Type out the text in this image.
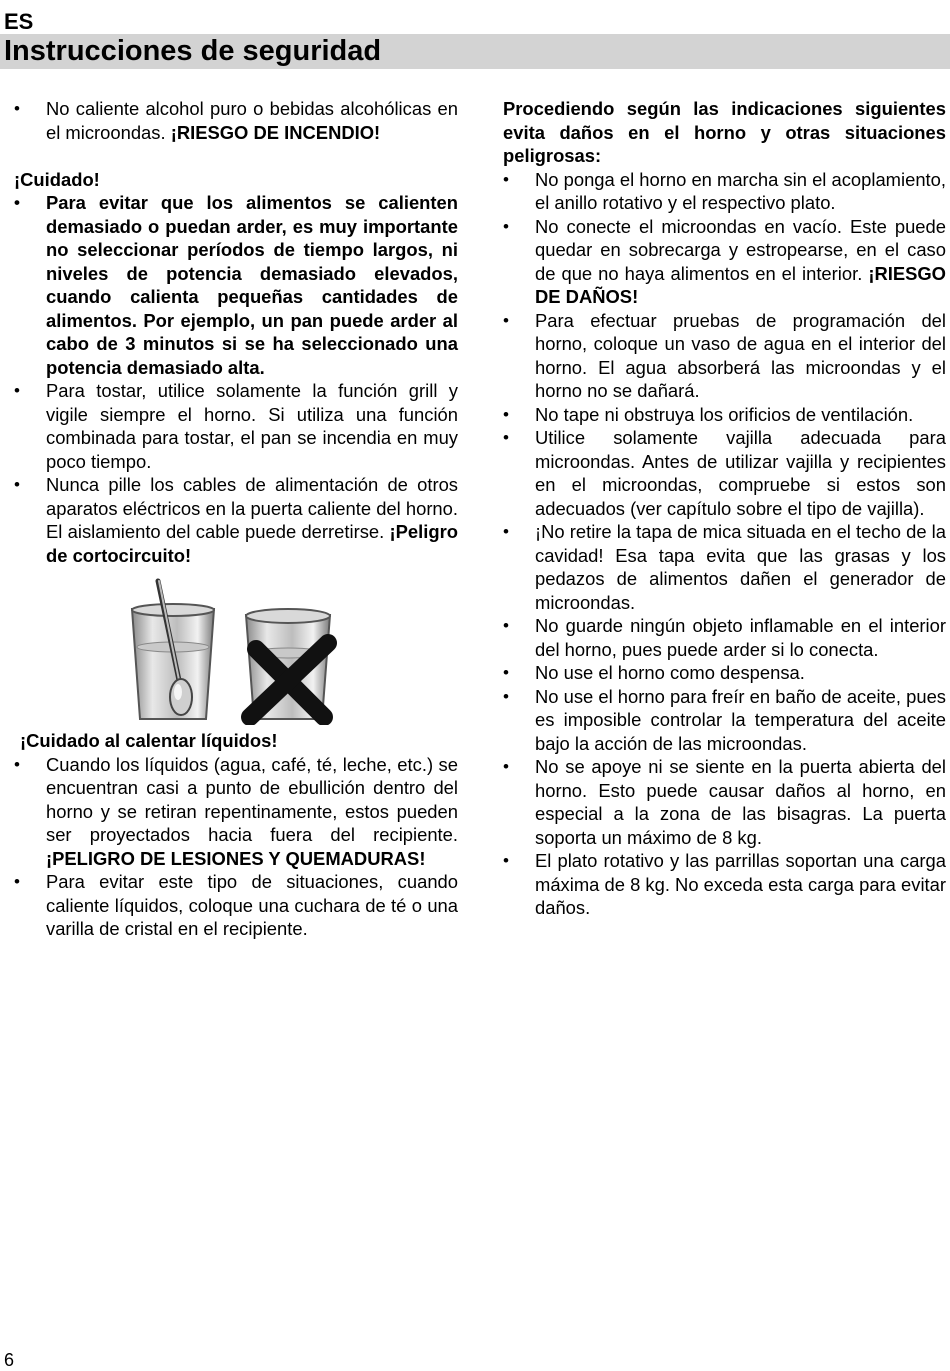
ES
Instrucciones de seguridad
• No caliente alcohol puro o bebidas alcohólicas en el microondas. ¡RIESGO DE INCENDIO!
¡Cuidado!
• Para evitar que los alimentos se calienten demasiado o puedan arder, es muy importante no seleccionar períodos de tiempo largos, ni niveles de potencia demasiado elevados, cuando calienta pequeñas cantidades de alimentos. Por ejemplo, un pan puede arder al cabo de 3 minutos si se ha seleccionado una potencia demasiado alta.
• Para tostar, utilice solamente la función grill y vigile siempre el horno. Si utiliza una función combinada para tostar, el pan se incendia en muy poco tiempo.
• Nunca pille los cables de alimentación de otros aparatos eléctricos en la puerta caliente del horno. El aislamiento del cable puede derretirse. ¡Peligro de cortocircuito!
¡Cuidado al calentar líquidos!
• Cuando los líquidos (agua, café, té, leche, etc.) se encuentran casi a punto de ebullición dentro del horno y se retiran repentinamente, estos pueden ser proyectados hacia fuera del recipiente. ¡PELIGRO DE LESIONES Y QUEMADURAS!
• Para evitar este tipo de situaciones, cuando caliente líquidos, coloque una cuchara de té o una varilla de cristal en el recipiente.
Procediendo según las indicaciones siguientes evita daños en el horno y otras situaciones peligrosas:
• No ponga el horno en marcha sin el acoplamiento, el anillo rotativo y el respectivo plato.
• No conecte el microondas en vacío. Este puede quedar en sobrecarga y estropearse, en el caso de que no haya alimentos en el interior. ¡RIESGO DE DAÑOS!
• Para efectuar pruebas de programación del horno, coloque un vaso de agua en el interior del horno. El agua absorberá las microondas y el horno no se dañará.
• No tape ni obstruya los orificios de ventilación.
• Utilice solamente vajilla adecuada para microondas. Antes de utilizar vajilla y recipientes en el microondas, compruebe si estos son adecuados (ver capítulo sobre el tipo de vajilla).
• ¡No retire la tapa de mica situada en el techo de la cavidad! Esa tapa evita que las grasas y los pedazos de alimentos dañen el generador de microondas.
• No guarde ningún objeto inflamable en el interior del horno, pues puede arder si lo conecta.
• No use el horno como despensa.
• No use el horno para freír en baño de aceite, pues es imposible controlar la temperatura del aceite bajo la acción de las microondas.
• No se apoye ni se siente en la puerta abierta del horno. Esto puede causar daños al horno, en especial a la zona de las bisagras. La puerta soporta un máximo de 8 kg.
• El plato rotativo y las parrillas soportan una carga máxima de 8 kg. No exceda esta carga para evitar daños.
6
